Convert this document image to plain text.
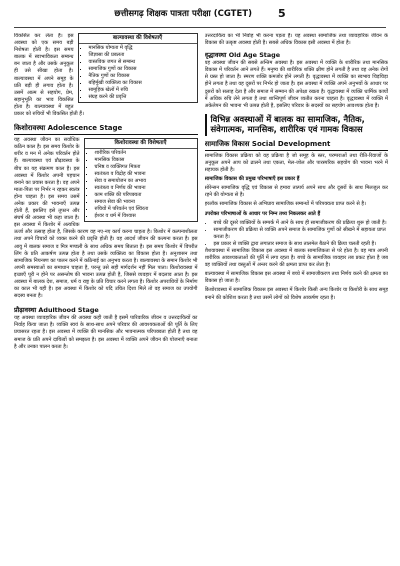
छत्तीसगढ़ शिक्षक पात्रता परीक्षा (CGTET) 5
बाल्यावस्था की विशेषताएँ
▪ मानसिक योग्यता में वृद्धि
▪ जिज्ञासा की प्रबलता
▪ वास्तविक जगत से सम्बन्ध
▪ सामाजिक गुणों का विकास
▪ नैतिक गुणों का विकास
▪ बहिर्मुखी व्यक्तित्व का विकास
▪ सामूहिक खेलों में रुचि
▪ संग्रह करने की प्रवृत्ति

विकसित कर लेता है। इस अवस्था को एक समय बड़ी निशेषता होती है। इस समय बालक में स्वाभाविकता सम्बन्ध बन जाता है और उसके अनुकूल ही उसे सीखा होता है। बाल्यावस्था में अपने समूह के प्रति बड़ी ही लगाव होता है। उसमें आत्म से सहयोग, प्रेम, सहानुभूति का भाव विकसित होता है। बाल्यावस्था में बहुत प्रकार को रुचियों भी विकसित होती हैं।

किशोरावस्था Adolescence Stage
किशोरावस्था की विशेषताएँ
▪ शारीरिक परिवर्तन
▪ मानसिक विकास
▪ घनिष्ठ व व्यक्तिगत मित्रता
▪ स्वतंत्रता व विद्रोह की भावना
▪ सेवा व समायोजन का अभाव
▪ स्वतंत्रता व निर्णय की भावना
▪ काम शक्ति की परिपक्वता
▪ समाज सेवा की भावना
▪ रुचियों में परिवर्तन एवं स्थिरता
▪ ईश्वर व धर्म में विश्वास

यह अवस्था जीवन का सर्वाधिक कठिन काल है। इस समय किशोर के शरीर व मन में अनेक परिवर्तन होते हैं। बाल्यावस्था एवं प्रौढ़ावस्था के बीच का यह संक्रमण काल है। इस अवस्था में किशोर अपनी पहचान बनाने का प्रयास करता है। वह अपने माता-पिता पर निर्भर न रहकर स्वतंत्र होना चाहता है। इस समय उसमें अनेक प्रकार की भावनाएँ उत्पन्न होती हैं, इसलिए इसे तूफान और संघर्ष की अवस्था भी कहा जाता है। इस अवस्था में किशोर में अत्यधिक ऊर्जा और उत्साह होता है, जिसके कारण वह नए-नए कार्य करना चाहता है। किशोर में कल्पनाशीलता तथा अपने विचारों को व्यक्त करने की प्रवृत्ति होती है। वह आदर्श जीवन की कल्पना करता है। इस आयु में बालक समाज व मित्र मण्डली के साथ अधिक समय बिताता है। इस समय किशोर में विपरीत लिंग के प्रति आकर्षण उत्पन्न होता है तथा उसके व्यक्तित्व का विकास होता है। अनुशासन तथा सामाजिक नियन्त्रण का पालन करने में कठिनाई का अनुभव करता है। बाल्यावस्था के समान किशोर भी अपनी समस्याओं का समाधान चाहता है, परन्तु उसे सही मार्गदर्शन नहीं मिल पाता। किशोरावस्था में इच्छाएँ पूरी न होने पर असन्तोष की भावना उत्पन्न होती है, जिससे व्यवहार में बदलाव आता है। इस अवस्था में बालक देश, समाज, धर्म व राष्ट्र के प्रति विचार करने लगता है। किशोर अपराधियों के निर्माण का काल भी यही है। इस अवस्था में किशोर को यदि उचित दिशा मिले तो वह समाज का उपयोगी सदस्य बनता है।

प्रौढ़ावस्था Adulthood Stage

यह अवस्था व्यावहारिक जीवन की अवस्था कही जाती है इसमें पारिवारिक जीवन व उत्तरदायित्वों का निर्वाह किया जाता है। व्यक्ति स्वयं के साथ-साथ अपने परिवार की आवश्यकताओं की पूर्ति के लिए प्रयासरत रहता है। इस अवस्था में व्यक्ति की मानसिक और भावनात्मक परिपक्वता होती है तथा वह समाज के प्रति अपने दायित्वों को समझता है। इस अवस्था में व्यक्ति अपने जीवन की योजनाएँ बनाता है और उनका पालन करता है।

उत्तरदायित्व का भी निर्वाह भी करना पड़ता है। यह अवस्था सामाजिक तथा व्यावहारिक जीवन के विकास की उत्कृष्ट अवस्था होती है। सबसे अधिक विकास इसी अवस्था में होता है।

वृद्धावस्था Old Age Stage

यह अवस्था जीवन की सबसे अन्तिम अवस्था है। इस अवस्था में व्यक्ति के शारीरिक तथा मानसिक विकास में परिवर्तन आने लगते हैं। मनुष्य की शारीरिक शक्ति क्षीण होने लगती है तथा वह अनेक रोगों से ग्रस्त हो जाता है। स्मरण शक्ति कमजोर होने लगती है। वृद्धावस्था में व्यक्ति का स्वभाव चिड़चिड़ा होने लगता है तथा वह दूसरों पर निर्भर हो जाता है। इस अवस्था में व्यक्ति अपने अनुभवों के आधार पर दूसरों को सलाह देता है और समाज में सम्मान की अपेक्षा रखता है। वृद्धावस्था में व्यक्ति धार्मिक कार्यों में अधिक रुचि लेने लगता है तथा शान्तिपूर्ण जीवन व्यतीत करना चाहता है। वृद्धावस्था में व्यक्ति में अकेलेपन की भावना भी उत्पन्न होती है, इसलिए परिवार के सदस्यों का सहयोग आवश्यक होता है।

विभिन्न अवस्थाओं में बालक का सामाजिक, नैतिक, संवेगात्मक, मानसिक, शारीरिक एवं गामक विकास
सामाजिक विकास Social Development

सामाजिक विकास प्रक्रिया को वह प्रक्रिया है जो समूह के स्तर, परम्पराओं तथा रीति-रिवाजों के अनुकूल अपने आप को ढालने तथा एकता, मेल-जोल और पारस्परिक सहयोग की भावना भरने में सहायक होती है।

सामाजिक विकास की प्रमुख परिभाषाएँ इस प्रकार हैं

सोरेन्सन सामाजिक वृद्धि एवं विकास से हमारा तात्पर्य अपने साथ और दूसरों के साथ मिलजुल कर रहने की योग्यता से है।

हरलॉक सामाजिक विकास से अभिप्राय सामाजिक सम्बन्धों में परिपक्वता प्राप्त करने से है।

उपरोक्त परिभाषाओं के आधार पर निम्न तथ्य निकलकर आते हैं

• बच्चे की दूसरे व्यक्तियों के सम्पर्क में आने के साथ ही सामाजीकरण की प्रक्रिया शुरू हो जाती है।
• सामाजीकरण की प्रक्रिया से व्यक्ति अपने समाज के सामाजिक गुणों को सीखने में सहायता प्राप्त करता है।
• इस प्रकार से व्यक्ति द्वारा लगातार समाज के साथ तालमेल बैठाने की क्रिया चलती रहती है।

शैशवावस्था में सामाजिक विकास इस अवस्था में बालक सामाजिकता से परे होता है। वह मात्र अपनी शारीरिक आवश्यकताओं की पूर्ति में लगा रहता है। बच्चे के सामाजिक व्यवहार तब प्रकट होता है जब वह व्यक्तियों तथा वस्तुओं में अन्तर करने की क्षमता प्राप्त कर लेता है।

बाल्यावस्था में सामाजिक विकास इस अवस्था में बच्चे में सामाजीकरण तथा निर्णय करने की क्षमता का विकास हो जाता है।

किशोरावस्था में सामाजिक विकास इस अवस्था में किशोर किसी अन्य किशोर या किशोरी के साथ समूह बनाने की कोशिश करता है तथा उसमें लोगों को विशेष आकर्षण रहता है।
